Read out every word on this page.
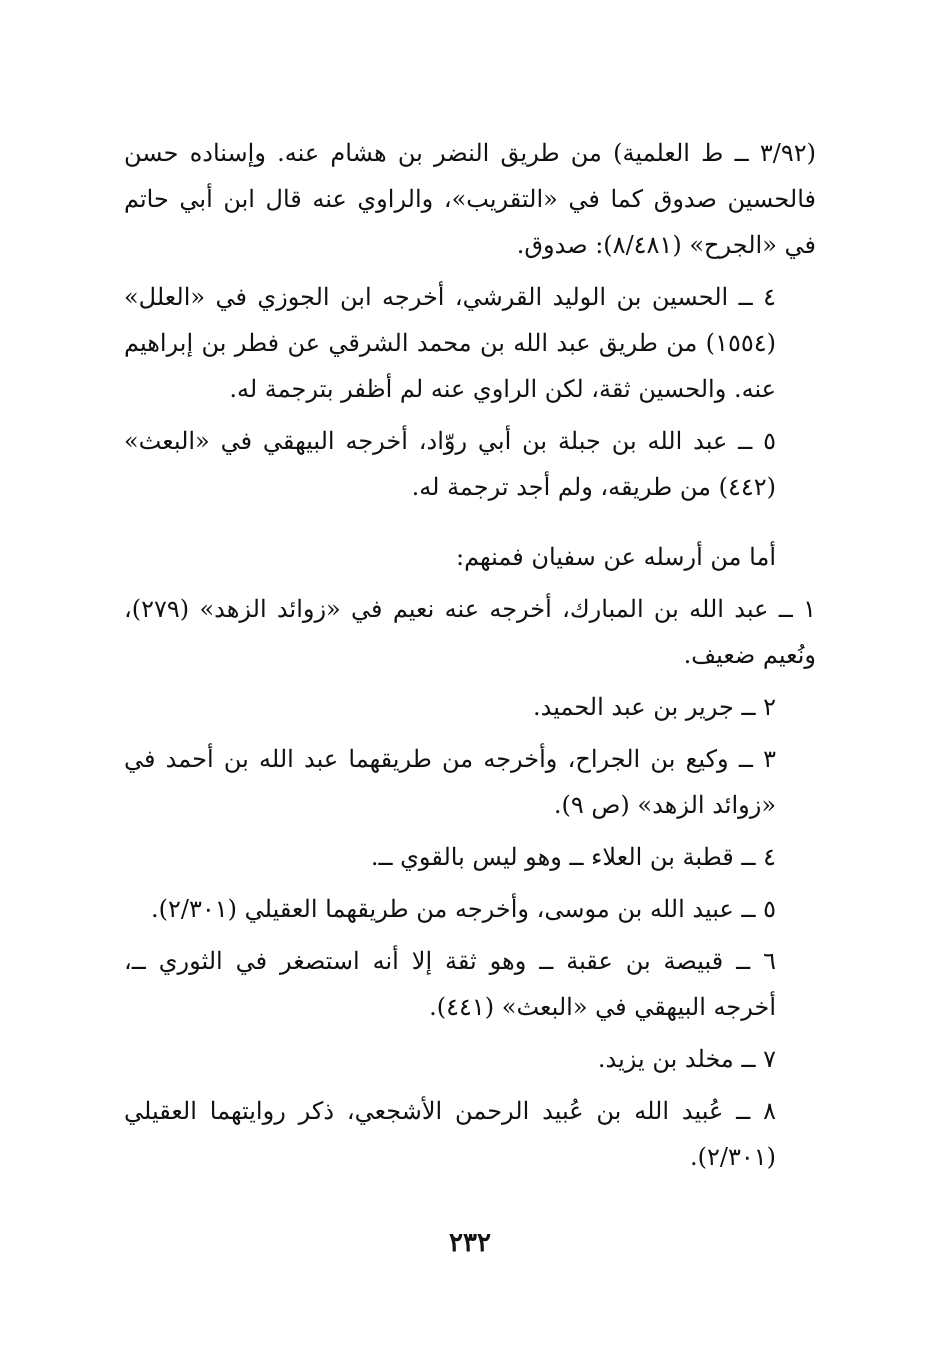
(٣/٩٢ ــ ط العلمية) من طريق النضر بن هشام عنه. وإسناده حسن فالحسين صدوق كما في «التقريب»، والراوي عنه قال ابن أبي حاتم في «الجرح» (٨/٤٨١): صدوق.

٤ ــ الحسين بن الوليد القرشي، أخرجه ابن الجوزي في «العلل» (١٥٥٤) من طريق عبد الله بن محمد الشرقي عن فطر بن إبراهيم عنه. والحسين ثقة، لكن الراوي عنه لم أظفر بترجمة له.

٥ ــ عبد الله بن جبلة بن أبي روّاد، أخرجه البيهقي في «البعث» (٤٤٢) من طريقه، ولم أجد ترجمة له.

أما من أرسله عن سفيان فمنهم:

١ ــ عبد الله بن المبارك، أخرجه عنه نعيم في «زوائد الزهد» (٢٧٩)، ونُعيم ضعيف.

٢ ــ جرير بن عبد الحميد.

٣ ــ وكيع بن الجراح، وأخرجه من طريقهما عبد الله بن أحمد في «زوائد الزهد» (ص ٩).

٤ ــ قطبة بن العلاء ــ وهو ليس بالقوي ــ.

٥ ــ عبيد الله بن موسى، وأخرجه من طريقهما العقيلي (٢/٣٠١).

٦ ــ قبيصة بن عقبة ــ وهو ثقة إلا أنه استصغر في الثوري ــ، أخرجه البيهقي في «البعث» (٤٤١).

٧ ــ مخلد بن يزيد.

٨ ــ عُبيد الله بن عُبيد الرحمن الأشجعي، ذكر روايتهما العقيلي (٢/٣٠١).

٢٣٢
